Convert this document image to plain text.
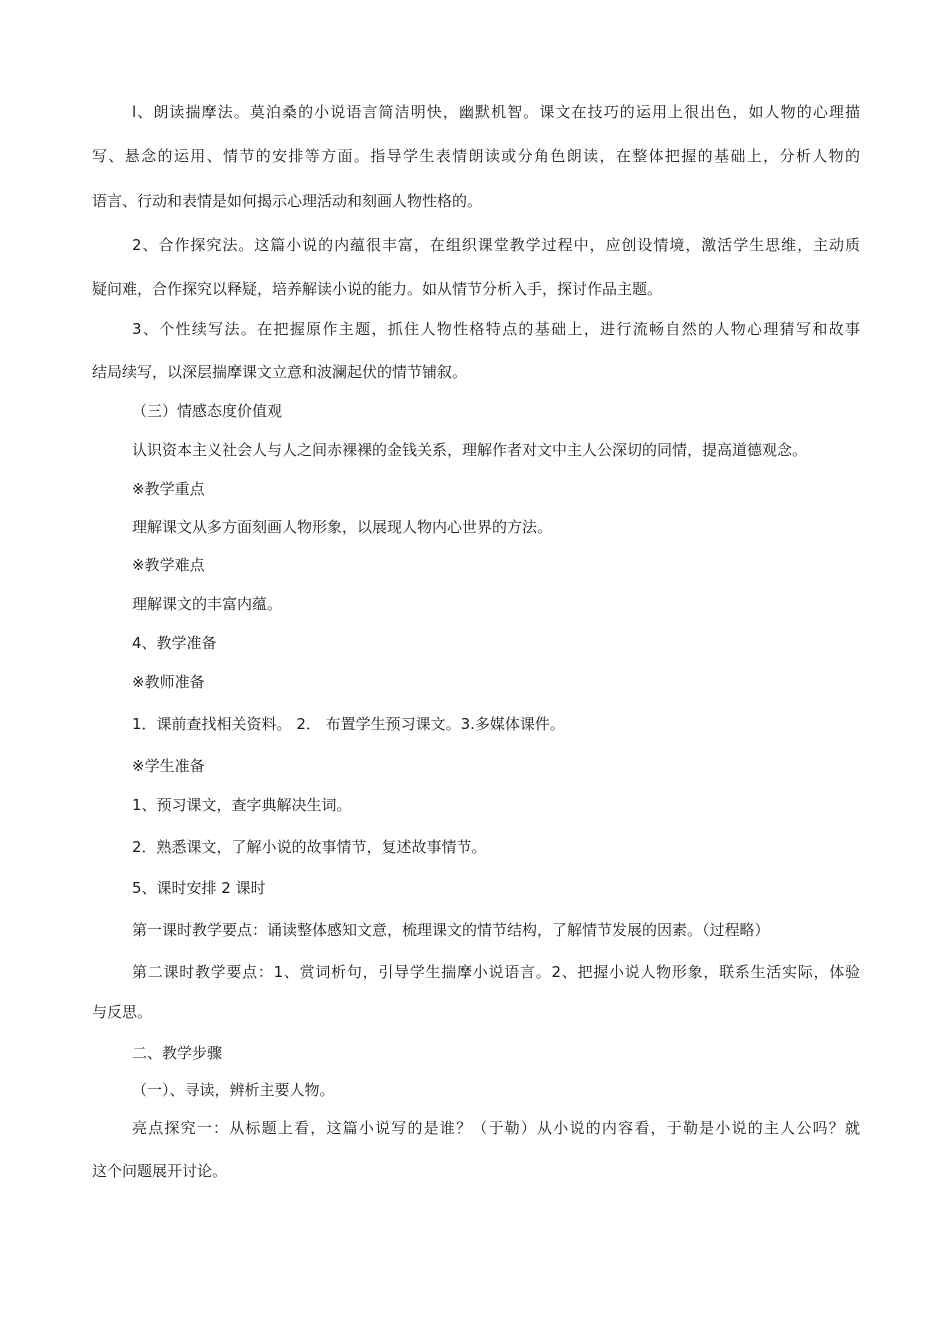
l、朗读揣摩法。莫泊桑的小说语言简洁明快，幽默机智。课文在技巧的运用上很出色，如人物的心理描
写、悬念的运用、情节的安排等方面。指导学生表情朗读或分角色朗读，在整体把握的基础上，分析人物的
语言、行动和表情是如何揭示心理活动和刻画人物性格的。
2、合作探究法。这篇小说的内蕴很丰富，在组织课堂教学过程中，应创设情境，激活学生思维，主动质
疑问难，合作探究以释疑，培养解读小说的能力。如从情节分析入手，探讨作品主题。
3、个性续写法。在把握原作主题，抓住人物性格特点的基础上，进行流畅自然的人物心理猜写和故事
结局续写，以深层揣摩课文立意和波澜起伏的情节铺叙。
（三）情感态度价值观
认识资本主义社会人与人之间赤裸裸的金钱关系，理解作者对文中主人公深切的同情，提高道德观念。
※教学重点
理解课文从多方面刻画人物形象，以展现人物内心世界的方法。
※教学难点
理解课文的丰富内蕴。
4、教学准备
※教师准备
1．课前查找相关资料。 2． 布置学生预习课文。3.多媒体课件。
※学生准备
1、预习课文，查字典解决生词。
2．熟悉课文，了解小说的故事情节，复述故事情节。
5、课时安排 2 课时
第一课时教学要点：诵读整体感知文意，梳理课文的情节结构，了解情节发展的因素。（过程略）
第二课时教学要点：1、赏词析句，引导学生揣摩小说语言。2、把握小说人物形象，联系生活实际，体验
与反思。
二、教学步骤
（一）、寻读，辨析主要人物。
亮点探究一：从标题上看，这篇小说写的是谁？（于勒）从小说的内容看，于勒是小说的主人公吗？就
这个问题展开讨论。
